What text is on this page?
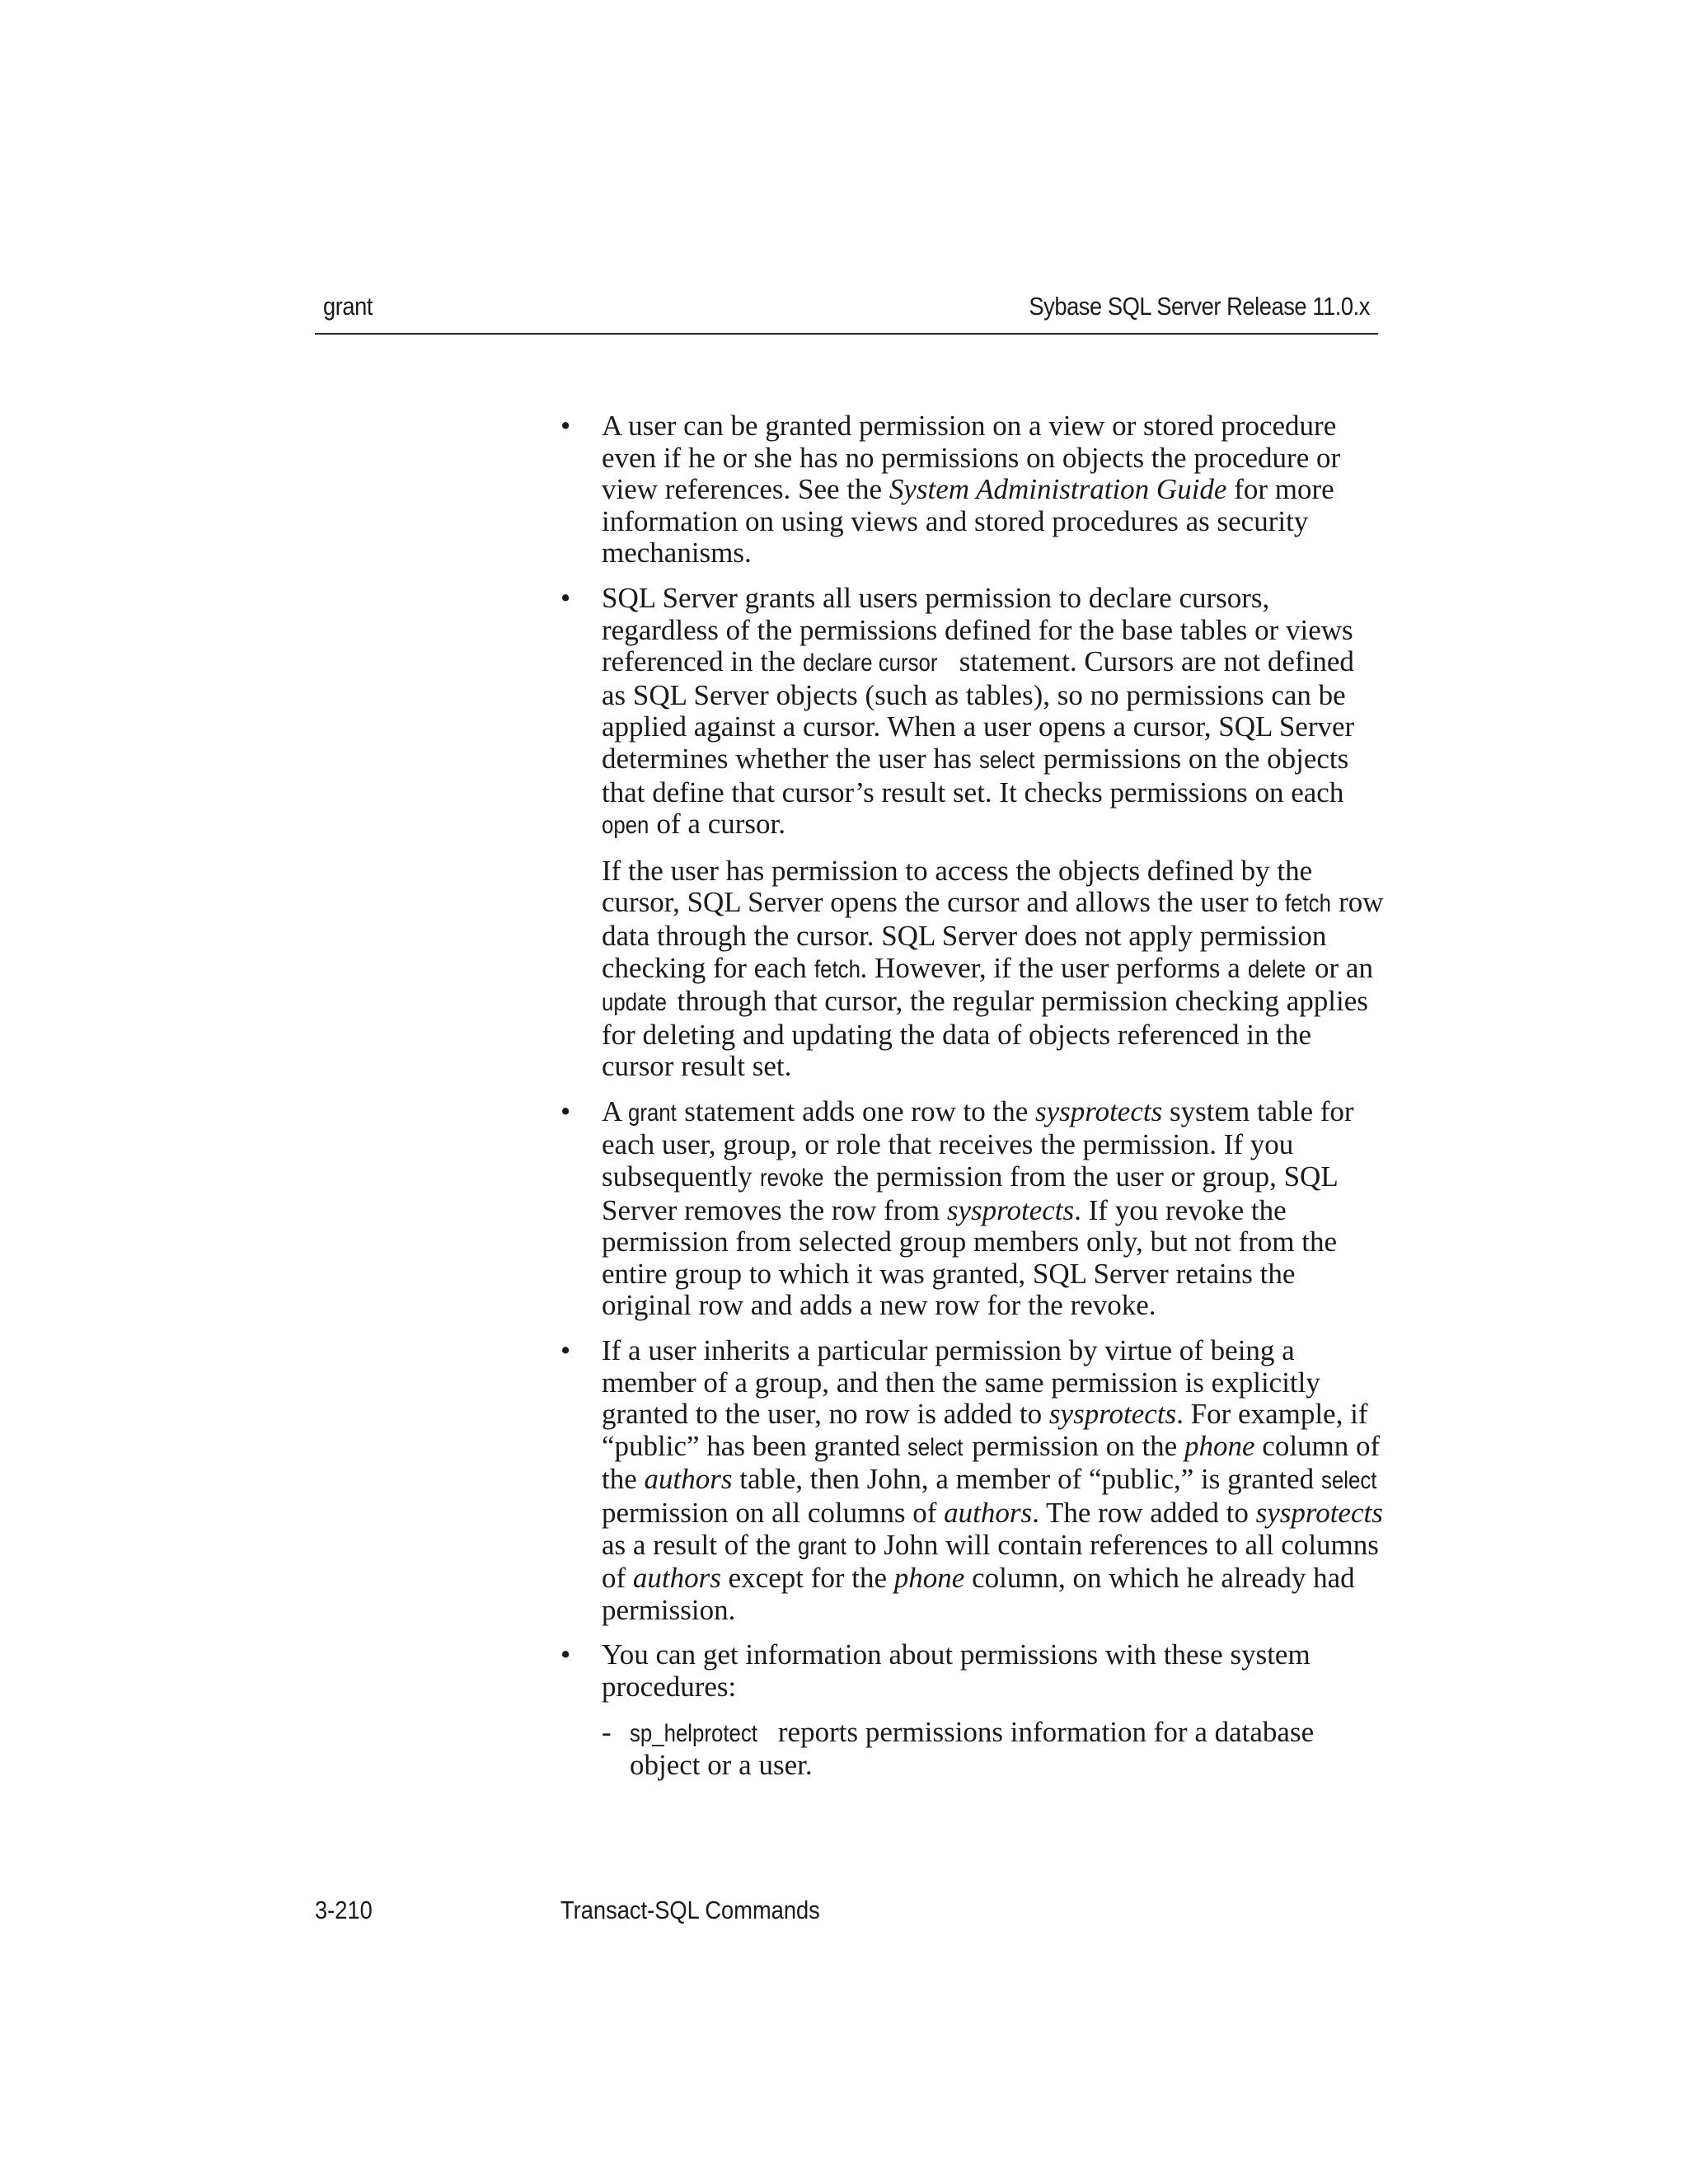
grant	Sybase SQL Server Release 11.0.x
• A user can be granted permission on a view or stored procedure even if he or she has no permissions on objects the procedure or view references. See the System Administration Guide for more information on using views and stored procedures as security mechanisms.
• SQL Server grants all users permission to declare cursors, regardless of the permissions defined for the base tables or views referenced in the declare cursor statement. Cursors are not defined as SQL Server objects (such as tables), so no permissions can be applied against a cursor. When a user opens a cursor, SQL Server determines whether the user has select permissions on the objects that define that cursor’s result set. It checks permissions on each open of a cursor.
If the user has permission to access the objects defined by the cursor, SQL Server opens the cursor and allows the user to fetch row data through the cursor. SQL Server does not apply permission checking for each fetch. However, if the user performs a delete or an update through that cursor, the regular permission checking applies for deleting and updating the data of objects referenced in the cursor result set.
• A grant statement adds one row to the sysprotects system table for each user, group, or role that receives the permission. If you subsequently revoke the permission from the user or group, SQL Server removes the row from sysprotects. If you revoke the permission from selected group members only, but not from the entire group to which it was granted, SQL Server retains the original row and adds a new row for the revoke.
• If a user inherits a particular permission by virtue of being a member of a group, and then the same permission is explicitly granted to the user, no row is added to sysprotects. For example, if “public” has been granted select permission on the phone column of the authors table, then John, a member of “public,” is granted select permission on all columns of authors. The row added to sysprotects as a result of the grant to John will contain references to all columns of authors except for the phone column, on which he already had permission.
• You can get information about permissions with these system procedures:
- sp_helprotect reports permissions information for a database object or a user.
3-210	Transact-SQL Commands
